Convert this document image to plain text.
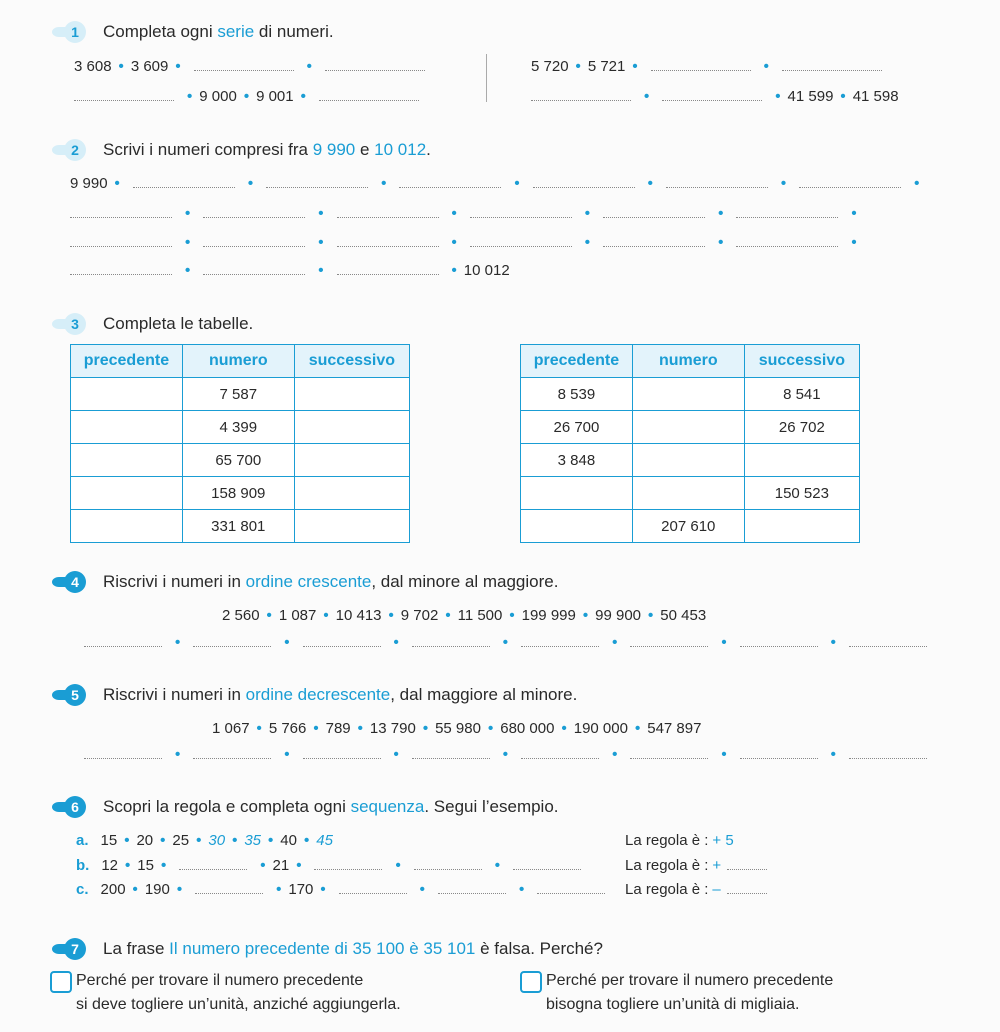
1	Completa ogni serie di numeri.
3 608 • 3 609 •	•
• 9 000 • 9 001 •
5 720 • 5 721 •	•
•	• 41 599 • 41 598
2	Scrivi i numeri compresi fra 9 990 e 10 012.
9 990 •	•	•	•	•	•	•
•	•	•	•	•	•
•	•	•	•	•	•
•	•	• 10 012
3	Completa le tabelle.
precedente	numero	successivo
	7 587	
	4 399	
	65 700	
	158 909	
	331 801	
precedente	numero	successivo
8 539		8 541
26 700		26 702
3 848		
		150 523
	207 610	
4	Riscrivi i numeri in ordine crescente, dal minore al maggiore.
2 560 • 1 087 • 10 413 • 9 702 • 11 500 • 199 999 • 99 900 • 50 453
•	•	•	•	•	•	•
5	Riscrivi i numeri in ordine decrescente, dal maggiore al minore.
1 067 • 5 766 • 789 • 13 790 • 55 980 • 680 000 • 190 000 • 547 897
•	•	•	•	•	•	•
6	Scopri la regola e completa ogni sequenza. Segui l’esempio.
a. 15 • 20 • 25 • 30 • 35 • 40 • 45	La regola è : + 5
b. 12 • 15 •	• 21 •	•	•	La regola è : +
c. 200 • 190 •	• 170 •	•	•	La regola è : –
7	La frase Il numero precedente di 35 100 è 35 101 è falsa. Perché?
Perché per trovare il numero precedente
si deve togliere un’unità, anziché aggiungerla.
Perché per trovare il numero precedente
bisogna togliere un’unità di migliaia.
